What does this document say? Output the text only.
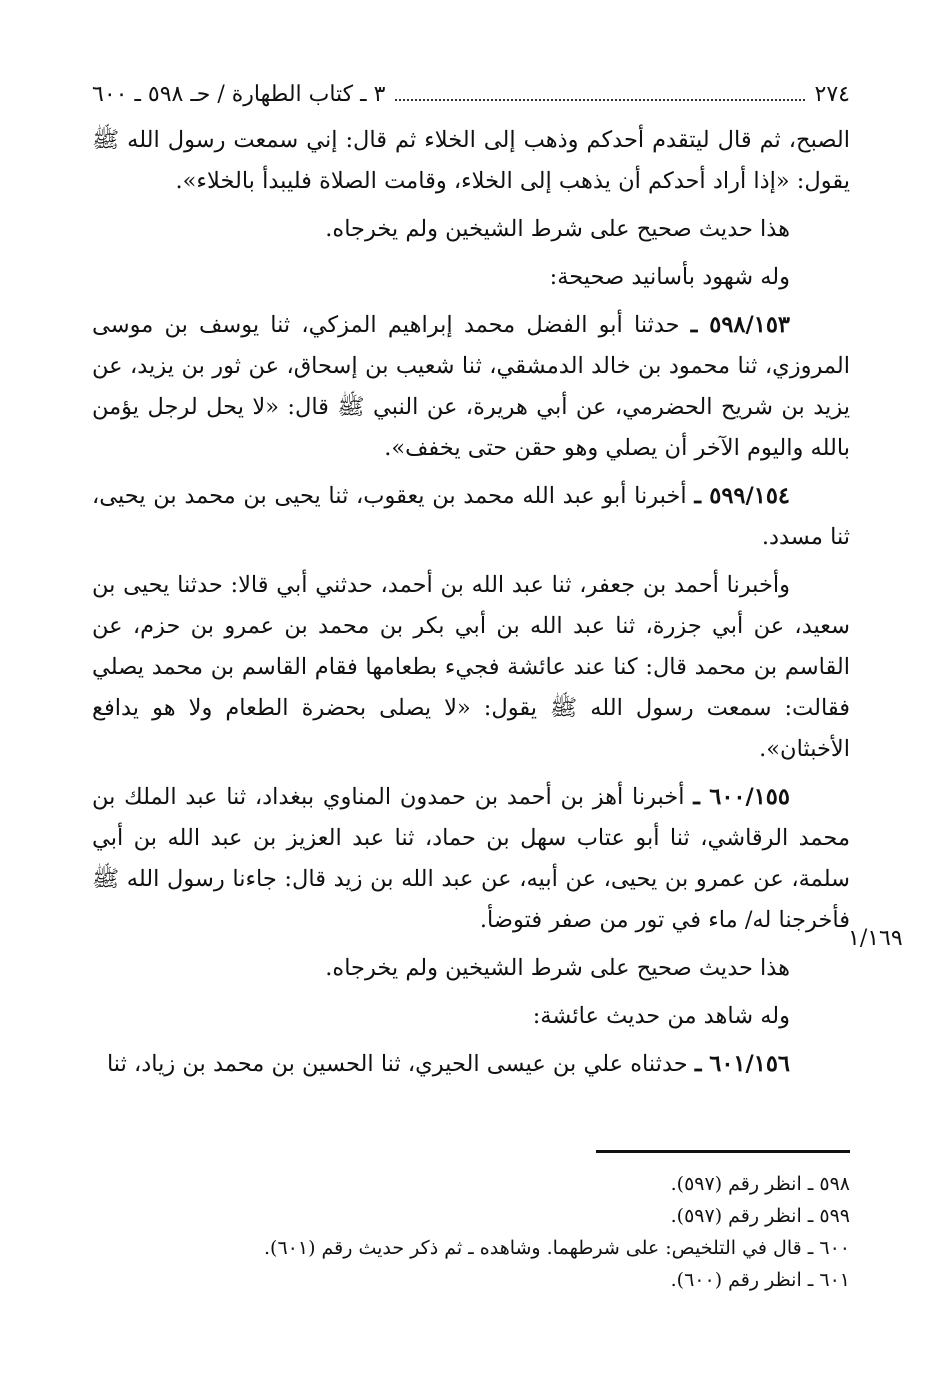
٢٧٤
٣ ـ كتاب الطهارة / حـ ٥٩٨ ـ ٦٠٠

الصبح، ثم قال ليتقدم أحدكم وذهب إلى الخلاء ثم قال: إني سمعت رسول الله ﷺ يقول: «إذا أراد أحدكم أن يذهب إلى الخلاء، وقامت الصلاة فليبدأ بالخلاء».

هذا حديث صحيح على شرط الشيخين ولم يخرجاه.

وله شهود بأسانيد صحيحة:

٥٩٨/١٥٣ ـ حدثنا أبو الفضل محمد إبراهيم المزكي، ثنا يوسف بن موسى المروزي، ثنا محمود بن خالد الدمشقي، ثنا شعيب بن إسحاق، عن ثور بن يزيد، عن يزيد بن شريح الحضرمي، عن أبي هريرة، عن النبي ﷺ قال: «لا يحل لرجل يؤمن بالله واليوم الآخر أن يصلي وهو حقن حتى يخفف».

٥٩٩/١٥٤ ـ أخبرنا أبو عبد الله محمد بن يعقوب، ثنا يحيى بن محمد بن يحيى، ثنا مسدد.

وأخبرنا أحمد بن جعفر، ثنا عبد الله بن أحمد، حدثني أبي قالا: حدثنا يحيى بن سعيد، عن أبي جزرة، ثنا عبد الله بن أبي بكر بن محمد بن عمرو بن حزم، عن القاسم بن محمد قال: كنا عند عائشة فجيء بطعامها فقام القاسم بن محمد يصلي فقالت: سمعت رسول الله ﷺ يقول: «لا يصلى بحضرة الطعام ولا هو يدافع الأخبثان».

٦٠٠/١٥٥ ـ أخبرنا أهز بن أحمد بن حمدون المناوي ببغداد، ثنا عبد الملك بن محمد الرقاشي، ثنا أبو عتاب سهل بن حماد، ثنا عبد العزيز بن عبد الله بن أبي سلمة، عن عمرو بن يحيى، عن أبيه، عن عبد الله بن زيد قال: جاءنا رسول الله ﷺ فأخرجنا له/ ماء في تور من صفر فتوضأ.

هذا حديث صحيح على شرط الشيخين ولم يخرجاه.

وله شاهد من حديث عائشة:

٦٠١/١٥٦ ـ حدثناه علي بن عيسى الحيري، ثنا الحسين بن محمد بن زياد، ثنا

١/١٦٩
٥٩٨ ـ انظر رقم (٥٩٧).
٥٩٩ ـ انظر رقم (٥٩٧).
٦٠٠ ـ قال في التلخيص: على شرطهما. وشاهده ـ ثم ذكر حديث رقم (٦٠١).
٦٠١ ـ انظر رقم (٦٠٠).
